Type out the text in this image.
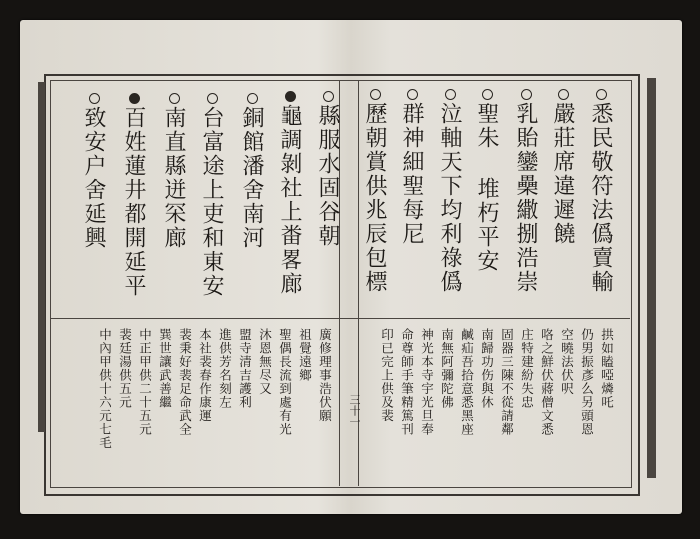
三十一
縣服水固谷朝
龜調剝社上畨畧廊
銅館潘舍南河
台富途上吏和東安
南直縣迸罙廊
百姓蓮井都開延平
致安户舍延興
廣修理事浩伏願
祖覺遠鄉
聖偶長流到處有光
沐恩無尽又
盟寺清吉護利
進供芳名刻左
本社裴春作康運
裴秉好裴足命武全
巽世讓武善繼
中正甲供二十五元
裴廷湯供五元
中內甲供十六元七毛
悉民敬符法僞賣輸
嚴莊席違遲饒
乳貽鑾櫐繖捌浩崇
聖朱 堆朽平安
泣軸天下均利祿僞
群神細聖每尼
歷朝賞供兆辰包標
拱如瞌啞燐吒
仍男振彥么另頭恩
空曉法伏呎
咯之鮮伏蔣僧文悉
庄特建紛失忠
固器三陳不從請鄰
南歸功伤與休
鹹疝吾拾意悉黑座
南無阿彌陀佛
神光本寺宇光旦奉
命尊師手筆精篤刊
印已完上供及裴
